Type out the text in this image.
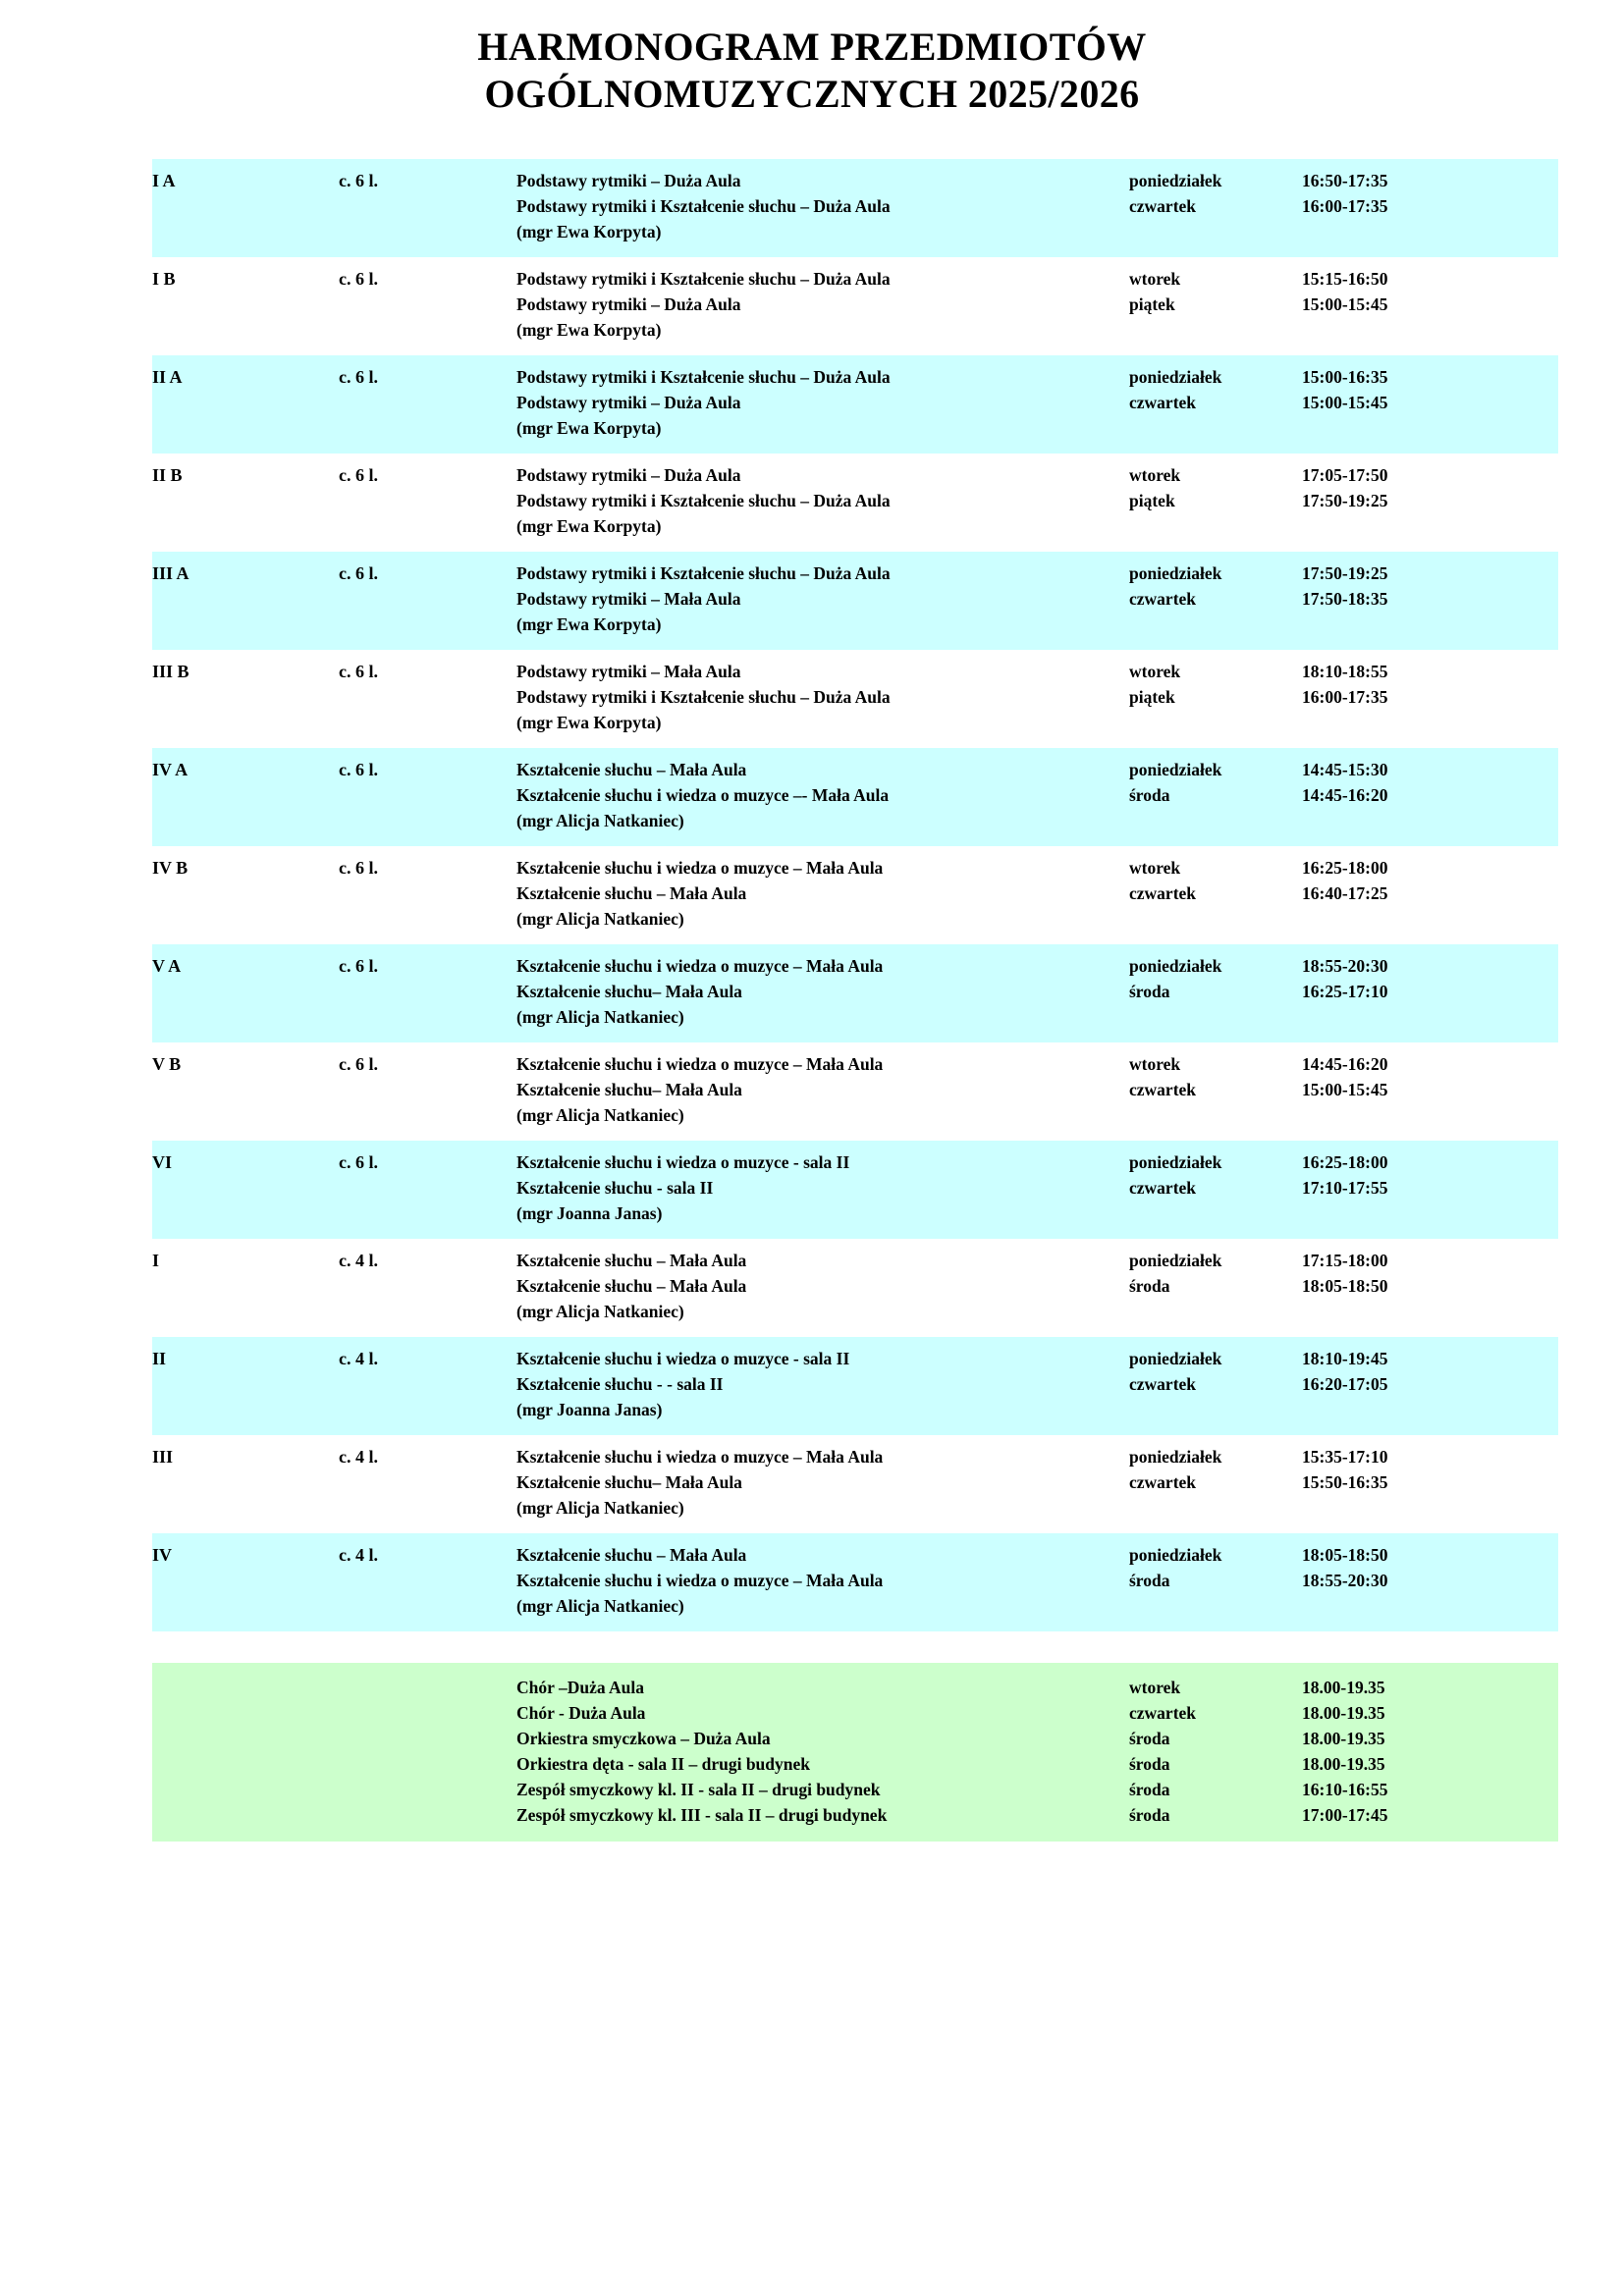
HARMONOGRAM PRZEDMIOTÓW
OGÓLNOMUZYCZNYCH 2025/2026
I A	c. 6 l.	Podstawy rytmiki – Duża Aula	poniedziałek	16:50-17:35
Podstawy rytmiki i Kształcenie słuchu – Duża Aula	czwartek	16:00-17:35
(mgr Ewa Korpyta)
I B	c. 6 l.	Podstawy rytmiki i Kształcenie słuchu – Duża Aula	wtorek	15:15-16:50
Podstawy rytmiki – Duża Aula	piątek	15:00-15:45
(mgr Ewa Korpyta)
II A	c. 6 l.	Podstawy rytmiki i Kształcenie słuchu – Duża Aula	poniedziałek	15:00-16:35
Podstawy rytmiki – Duża Aula	czwartek	15:00-15:45
(mgr Ewa Korpyta)
II B	c. 6 l.	Podstawy rytmiki – Duża Aula	wtorek	17:05-17:50
Podstawy rytmiki i Kształcenie słuchu – Duża Aula	piątek	17:50-19:25
(mgr Ewa Korpyta)
III A	c. 6 l.	Podstawy rytmiki i Kształcenie słuchu – Duża Aula	poniedziałek	17:50-19:25
Podstawy rytmiki – Mała Aula	czwartek	17:50-18:35
(mgr Ewa Korpyta)
III B	c. 6 l.	Podstawy rytmiki – Mała Aula	wtorek	18:10-18:55
Podstawy rytmiki i Kształcenie słuchu – Duża Aula	piątek	16:00-17:35
(mgr Ewa Korpyta)
IV A	c. 6 l.	Kształcenie słuchu – Mała Aula	poniedziałek	14:45-15:30
Kształcenie słuchu i wiedza o muzyce –- Mała Aula	środa	14:45-16:20
(mgr Alicja Natkaniec)
IV B	c. 6 l.	Kształcenie słuchu i wiedza o muzyce – Mała Aula	wtorek	16:25-18:00
Kształcenie słuchu – Mała Aula	czwartek	16:40-17:25
(mgr Alicja Natkaniec)
V A	c. 6 l.	Kształcenie słuchu i wiedza o muzyce – Mała Aula	poniedziałek	18:55-20:30
Kształcenie słuchu– Mała Aula	środa	16:25-17:10
(mgr Alicja Natkaniec)
V B	c. 6 l.	Kształcenie słuchu i wiedza o muzyce – Mała Aula	wtorek	14:45-16:20
Kształcenie słuchu– Mała Aula	czwartek	15:00-15:45
(mgr Alicja Natkaniec)
VI	c. 6 l.	Kształcenie słuchu i wiedza o muzyce - sala II	poniedziałek	16:25-18:00
Kształcenie słuchu - sala II	czwartek	17:10-17:55
(mgr Joanna Janas)
I	c. 4 l.	Kształcenie słuchu – Mała Aula	poniedziałek	17:15-18:00
Kształcenie słuchu – Mała Aula	środa	18:05-18:50
(mgr Alicja Natkaniec)
II	c. 4 l.	Kształcenie słuchu i wiedza o muzyce - sala II	poniedziałek	18:10-19:45
Kształcenie słuchu - - sala II	czwartek	16:20-17:05
(mgr Joanna Janas)
III	c. 4 l.	Kształcenie słuchu i wiedza o muzyce – Mała Aula	poniedziałek	15:35-17:10
Kształcenie słuchu– Mała Aula	czwartek	15:50-16:35
(mgr Alicja Natkaniec)
IV	c. 4 l.	Kształcenie słuchu – Mała Aula	poniedziałek	18:05-18:50
Kształcenie słuchu i wiedza o muzyce – Mała Aula	środa	18:55-20:30
(mgr Alicja Natkaniec)
Chór –Duża Aula	wtorek	18.00-19.35
Chór - Duża Aula	czwartek	18.00-19.35
Orkiestra smyczkowa – Duża Aula	środa	18.00-19.35
Orkiestra dęta - sala II – drugi budynek	środa	18.00-19.35
Zespół smyczkowy kl. II - sala II – drugi budynek	środa	16:10-16:55
Zespół smyczkowy kl. III - sala II – drugi budynek	środa	17:00-17:45
